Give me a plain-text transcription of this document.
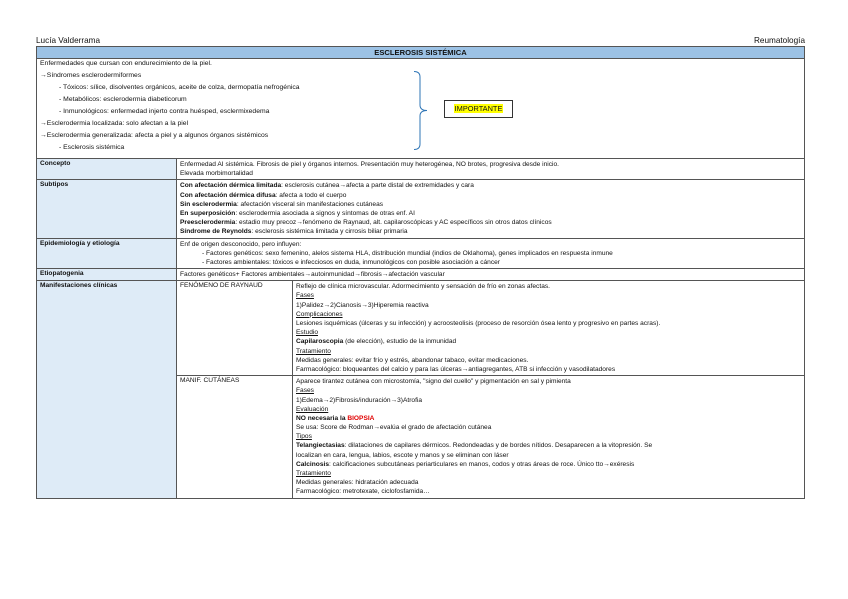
Lucía Valderrama	Reumatología
ESCLEROSIS SISTÉMICA
Enfermedades que cursan con endurecimiento de la piel.
→Síndromes esclerodermiformes
- Tóxicos: sílice, disolventes orgánicos, aceite de colza, dermopatía nefrogénica
- Metabólicos: esclerodermia diabeticorum
- Inmunológicos: enfermedad injerto contra huésped, esclermixedema
→Esclerodermia localizada: solo afectan a la piel
→Esclerodermia generalizada: afecta a piel y a algunos órganos sistémicos
- Esclerosis sistémica
IMPORTANTE
Concepto	Enfermedad AI sistémica. Fibrosis de piel y órganos internos. Presentación muy heterogénea, NO brotes, progresiva desde inicio.
Elevada morbimortalidad
Subtipos	Con afectación dérmica limitada: esclerosis cutánea→afecta a parte distal de extremidades y cara
Con afectación dérmica difusa: afecta a todo el cuerpo
Sin esclerodermia: afectación visceral sin manifestaciones cutáneas
En superposición: esclerodermia asociada a signos y síntomas de otras enf. AI
Preesclerodermia: estadio muy precoz→fenómeno de Raynaud, alt. capilaroscópicas y AC específicos sin otros datos clínicos
Síndrome de Reynolds: esclerosis sistémica limitada y cirrosis biliar primaria
Epidemiología y etiología	Enf de origen desconocido, pero influyen:
- Factores genéticos: sexo femenino, alelos sistema HLA, distribución mundial (indios de Oklahoma), genes implicados en respuesta inmune
- Factores ambientales: tóxicos e infecciosos en duda, inmunológicos con posible asociación a cáncer
Etiopatogenia	Factores genéticos+ Factores ambientales→autoinmunidad→fibrosis→afectación vascular
Manifestaciones clínicas	FENÓMENO DE RAYNAUD	Reflejo de clínica microvascular. Adormecimiento y sensación de frío en zonas afectas.
Fases
1)Palidez→2)Cianosis→3)Hiperemia reactiva
Complicaciones
Lesiones isquémicas (úlceras y su infección) y acroosteolisis (proceso de resorción ósea lento y progresivo en partes acras).
Estudio
Capilaroscopia (de elección), estudio de la inmunidad
Tratamiento
Medidas generales: evitar frío y estrés, abandonar tabaco, evitar medicaciones.
Farmacológico: bloqueantes del calcio y para las úlceras→antiagregantes, ATB si infección y vasodilatadores
MANIF. CUTÁNEAS	Aparece tirantez cutánea con microstomía, "signo del cuello" y pigmentación en sal y pimienta
Fases
1)Edema→2)Fibrosis/induración→3)Atrofia
Evaluación
NO necesaria la BIOPSIA
Se usa: Score de Rodman→evalúa el grado de afectación cutánea
Tipos
Telangiectasias: dilataciones de capilares dérmicos. Redondeadas y de bordes nítidos. Desaparecen a la vitopresión. Se
localizan en cara, lengua, labios, escote y manos y se eliminan con láser
Calcinosis: calcificaciones subcutáneas periarticulares en manos, codos y otras áreas de roce. Único tto→exéresis
Tratamiento
Medidas generales: hidratación adecuada
Farmacológico: metrotexate, ciclofosfamida…
